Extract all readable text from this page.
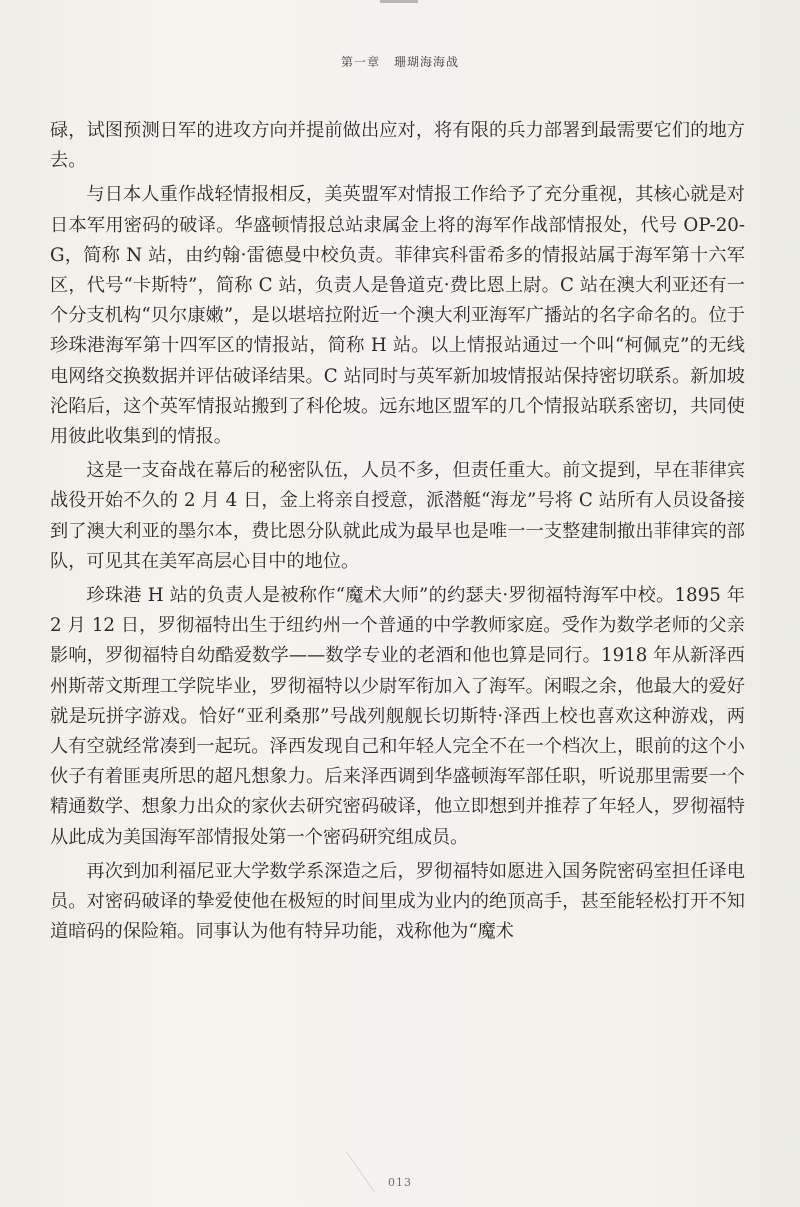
第一章 珊瑚海海战

碌，试图预测日军的进攻方向并提前做出应对，将有限的兵力部署到最需要它们的地方去。

与日本人重作战轻情报相反，美英盟军对情报工作给予了充分重视，其核心就是对日本军用密码的破译。华盛顿情报总站隶属金上将的海军作战部情报处，代号 OP-20-G，简称 N 站，由约翰·雷德曼中校负责。菲律宾科雷希多的情报站属于海军第十六军区，代号“卡斯特”，简称 C 站，负责人是鲁道克·费比恩上尉。C 站在澳大利亚还有一个分支机构“贝尔康嫩”，是以堪培拉附近一个澳大利亚海军广播站的名字命名的。位于珍珠港海军第十四军区的情报站，简称 H 站。以上情报站通过一个叫“柯佩克”的无线电网络交换数据并评估破译结果。C 站同时与英军新加坡情报站保持密切联系。新加坡沦陷后，这个英军情报站搬到了科伦坡。远东地区盟军的几个情报站联系密切，共同使用彼此收集到的情报。

这是一支奋战在幕后的秘密队伍，人员不多，但责任重大。前文提到，早在菲律宾战役开始不久的 2 月 4 日，金上将亲自授意，派潜艇“海龙”号将 C 站所有人员设备接到了澳大利亚的墨尔本，费比恩分队就此成为最早也是唯一一支整建制撤出菲律宾的部队，可见其在美军高层心目中的地位。

珍珠港 H 站的负责人是被称作“魔术大师”的约瑟夫·罗彻福特海军中校。1895 年 2 月 12 日，罗彻福特出生于纽约州一个普通的中学教师家庭。受作为数学老师的父亲影响，罗彻福特自幼酷爱数学——数学专业的老酒和他也算是同行。1918 年从新泽西州斯蒂文斯理工学院毕业，罗彻福特以少尉军衔加入了海军。闲暇之余，他最大的爱好就是玩拼字游戏。恰好“亚利桑那”号战列舰舰长切斯特·泽西上校也喜欢这种游戏，两人有空就经常凑到一起玩。泽西发现自己和年轻人完全不在一个档次上，眼前的这个小伙子有着匪夷所思的超凡想象力。后来泽西调到华盛顿海军部任职，听说那里需要一个精通数学、想象力出众的家伙去研究密码破译，他立即想到并推荐了年轻人，罗彻福特从此成为美国海军部情报处第一个密码研究组成员。

再次到加利福尼亚大学数学系深造之后，罗彻福特如愿进入国务院密码室担任译电员。对密码破译的挚爱使他在极短的时间里成为业内的绝顶高手，甚至能轻松打开不知道暗码的保险箱。同事认为他有特异功能，戏称他为“魔术

013
